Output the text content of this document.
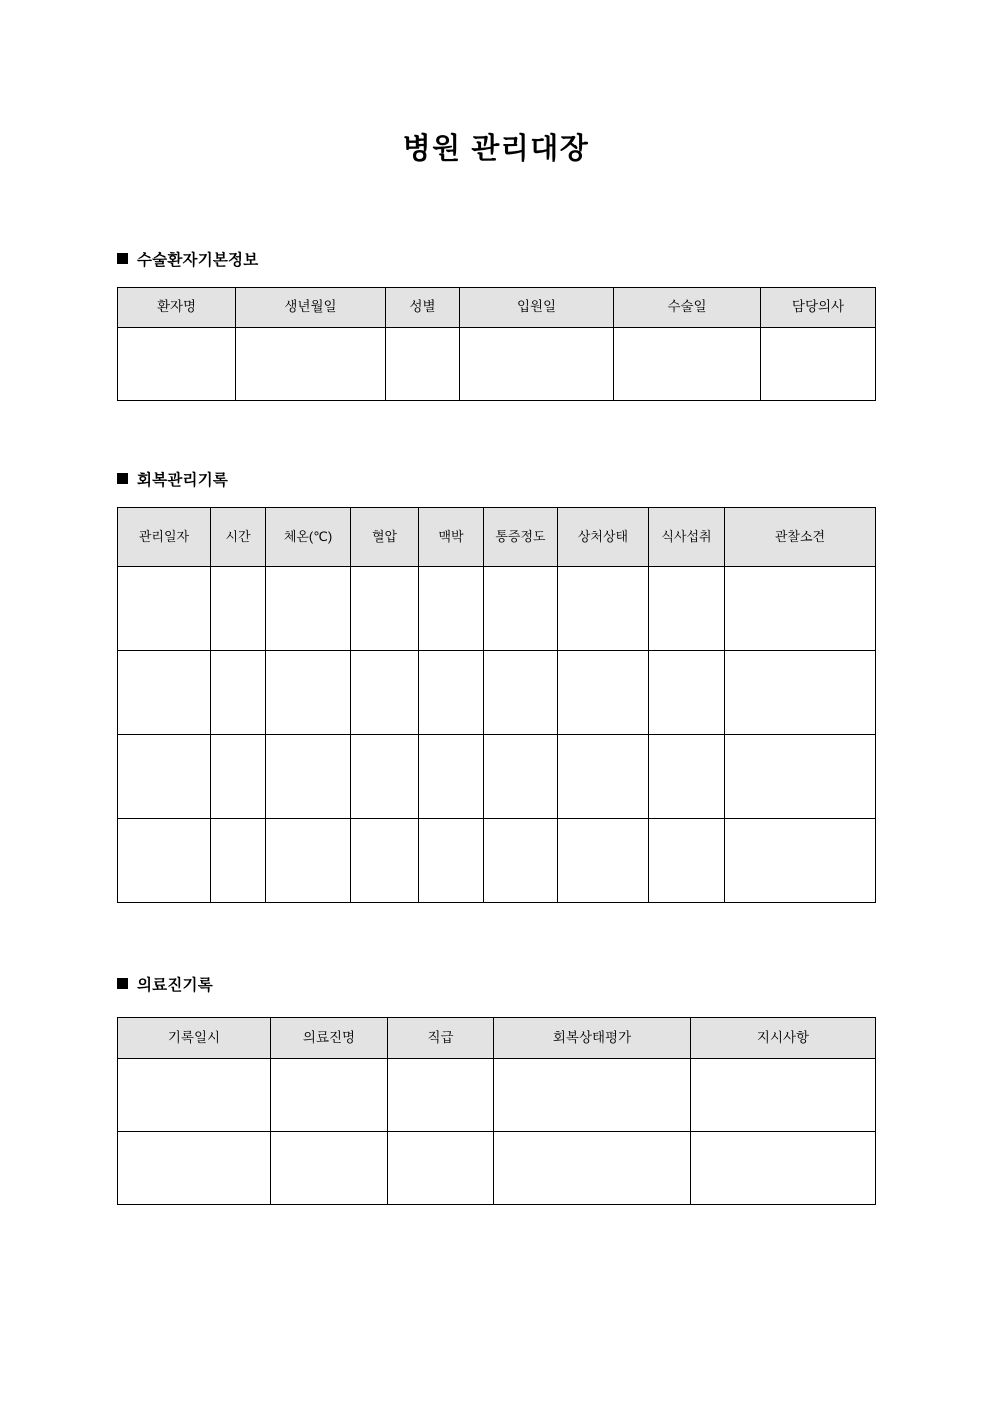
병원 관리대장
수술환자기본정보
환자명	생년월일	성별	입원일	수술일	담당의사

회복관리기록
관리일자	시간	체온(℃)	혈압	맥박	통증정도	상처상태	식사섭취	관찰소견

의료진기록
기록일시	의료진명	직급	회복상태평가	지시사항
